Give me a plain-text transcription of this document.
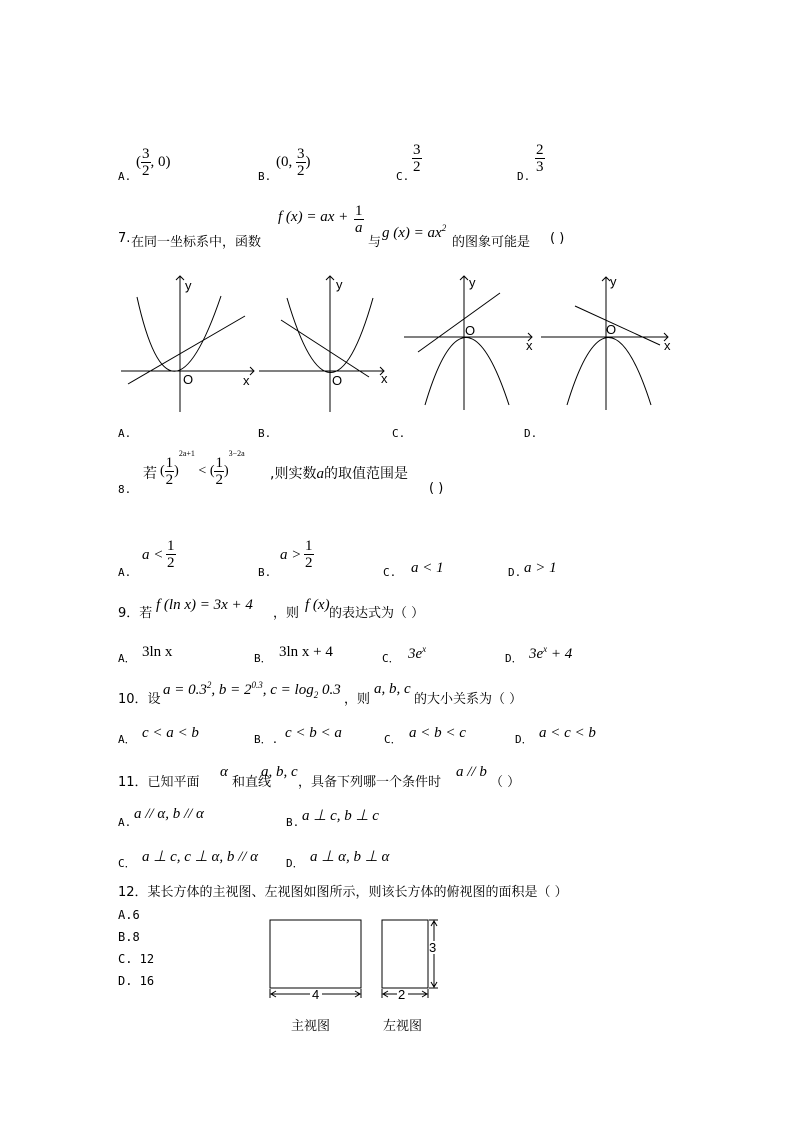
A.
( $\frac{3}{2}$ , 0)
B.
(0, $\frac{3}{2}$ )
C.
$\frac{3}{2}$
D.
$\frac{2}{3}$
7. 在同一坐标系中，函数
f (x) = ax + $\frac{1}{a}$
与
g $(x) = ax^2$
的图象可能是 ( )
y
x
O
y
x
O
y
x
O
y
x
O
A.	B.	C.	D.
8.
若 ( $\frac{1}{2} )^{2a+1}$ < ( $\frac{1}{2} )^{3-2a}$
,则实数a的取值范围是
( )
A.
$a < \frac{1}{2}$
B.
$a > \frac{1}{2}$
C. a < 1	D. a > 1
9．若
f (ln x) = 3x + 4
，则
f (x)
的表达式为（ ）
A． 3ln x	B． 3ln x + 4	C． $3e^x$
D． $3e^x + 4$
10．设
$a = 0.3^2$, $b = 2^{0.3}$, $c = \log_2 0.3$
，则
a, b, c
的大小关系为（ ）
A． c < a < b	B．. c < b < a	C． a < b < c	D． a < c < b
11．已知平面
α
和直线
a, b, c
，具备下列哪一个条件时
a // b
（ ）
A.
a // α, b // α
B. a ⊥ c, b ⊥ c
C． a ⊥ c, c ⊥ α, b // α	D． a ⊥ α, b ⊥ α
12．某长方体的主视图、左视图如图所示，则该长方体的俯视图的面积是（ ）
A.6
B.8
C. 12
D. 16
4	2
3
主视图	左视图
